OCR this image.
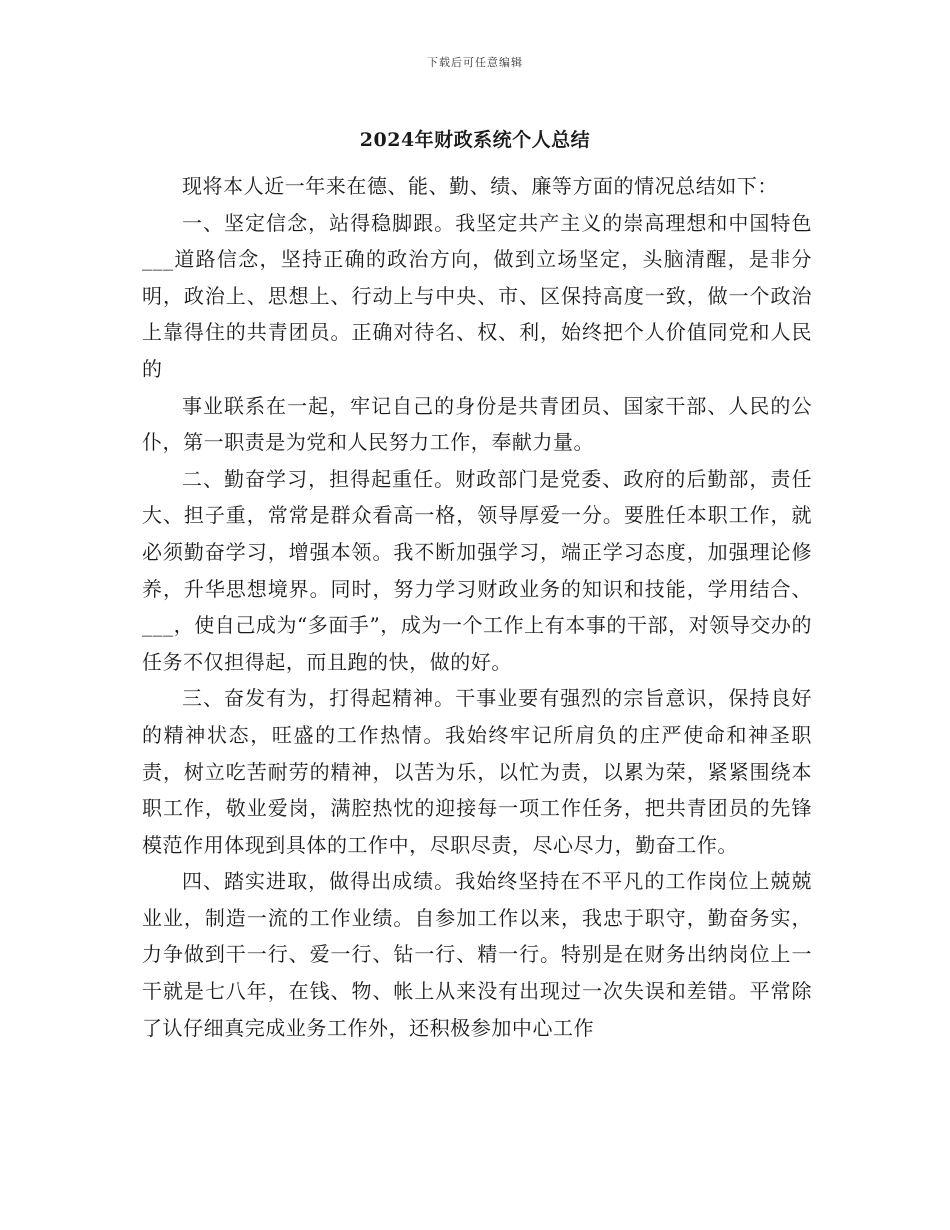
下载后可任意编辑
2024年财政系统个人总结

现将本人近一年来在德、能、勤、绩、廉等方面的情况总结如下：

一、坚定信念，站得稳脚跟。我坚定共产主义的崇高理想和中国特色___道路信念，坚持正确的政治方向，做到立场坚定，头脑清醒，是非分明，政治上、思想上、行动上与中央、市、区保持高度一致，做一个政治上靠得住的共青团员。正确对待名、权、利，始终把个人价值同党和人民的

事业联系在一起，牢记自己的身份是共青团员、国家干部、人民的公仆，第一职责是为党和人民努力工作，奉献力量。

二、勤奋学习，担得起重任。财政部门是党委、政府的后勤部，责任大、担子重，常常是群众看高一格，领导厚爱一分。要胜任本职工作，就必须勤奋学习，增强本领。我不断加强学习，端正学习态度，加强理论修养，升华思想境界。同时，努力学习财政业务的知识和技能，学用结合、___，使自己成为“多面手”，成为一个工作上有本事的干部，对领导交办的任务不仅担得起，而且跑的快，做的好。

三、奋发有为，打得起精神。干事业要有强烈的宗旨意识，保持良好的精神状态，旺盛的工作热情。我始终牢记所肩负的庄严使命和神圣职责，树立吃苦耐劳的精神，以苦为乐，以忙为责，以累为荣，紧紧围绕本职工作，敬业爱岗，满腔热忱的迎接每一项工作任务，把共青团员的先锋模范作用体现到具体的工作中，尽职尽责，尽心尽力，勤奋工作。

四、踏实进取，做得出成绩。我始终坚持在不平凡的工作岗位上兢兢业业，制造一流的工作业绩。自参加工作以来，我忠于职守，勤奋务实，力争做到干一行、爱一行、钻一行、精一行。特别是在财务出纳岗位上一干就是七八年，在钱、物、帐上从来没有出现过一次失误和差错。平常除了认仔细真完成业务工作外，还积极参加中心工作
